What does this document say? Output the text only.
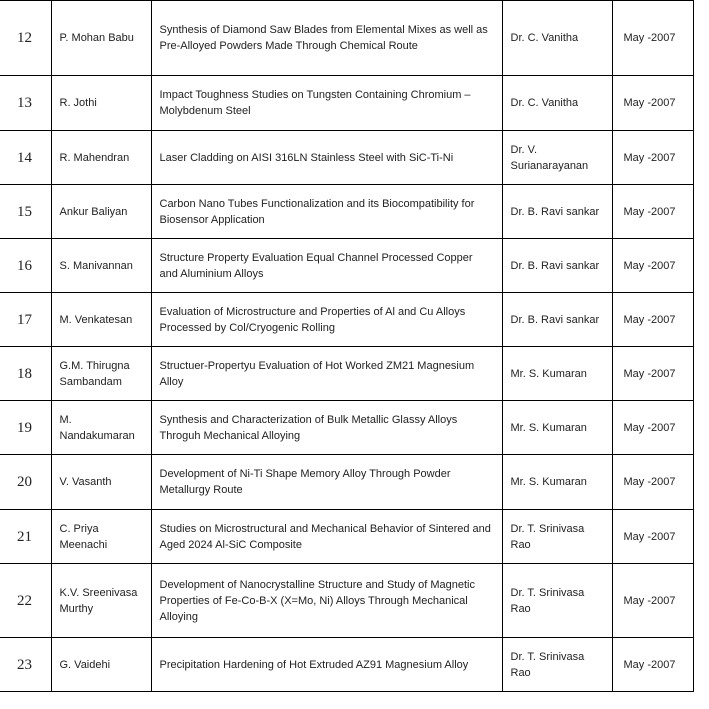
12	P. Mohan Babu	Synthesis of Diamond Saw Blades from Elemental Mixes as well as Pre-Alloyed Powders Made Through Chemical Route	Dr. C. Vanitha	May -2007
13	R. Jothi	Impact Toughness Studies on Tungsten Containing Chromium – Molybdenum Steel	Dr. C. Vanitha	May -2007
14	R. Mahendran	Laser Cladding on AISI 316LN Stainless Steel with SiC-Ti-Ni	Dr. V. Surianarayanan	May -2007
15	Ankur Baliyan	Carbon Nano Tubes Functionalization and its Biocompatibility for Biosensor Application	Dr. B. Ravi sankar	May -2007
16	S. Manivannan	Structure Property Evaluation Equal Channel Processed Copper and Aluminium Alloys	Dr. B. Ravi sankar	May -2007
17	M. Venkatesan	Evaluation of Microstructure and Properties of Al and Cu Alloys Processed by Col/Cryogenic Rolling	Dr. B. Ravi sankar	May -2007
18	G.M. Thirugna Sambandam	Structuer-Propertyu Evaluation of Hot Worked ZM21 Magnesium Alloy	Mr. S. Kumaran	May -2007
19	M. Nandakumaran	Synthesis and Characterization of Bulk Metallic Glassy Alloys Throguh Mechanical Alloying	Mr. S. Kumaran	May -2007
20	V. Vasanth	Development of Ni-Ti Shape Memory Alloy Through Powder Metallurgy Route	Mr. S. Kumaran	May -2007
21	C. Priya Meenachi	Studies on Microstructural and Mechanical Behavior of Sintered and Aged 2024 Al-SiC Composite	Dr. T. Srinivasa Rao	May -2007
22	K.V. Sreenivasa Murthy	Development of Nanocrystalline Structure and Study of Magnetic Properties of Fe-Co-B-X (X=Mo, Ni) Alloys Through Mechanical Alloying	Dr. T. Srinivasa Rao	May -2007
23	G. Vaidehi	Precipitation Hardening of Hot Extruded AZ91 Magnesium Alloy	Dr. T. Srinivasa Rao	May -2007
